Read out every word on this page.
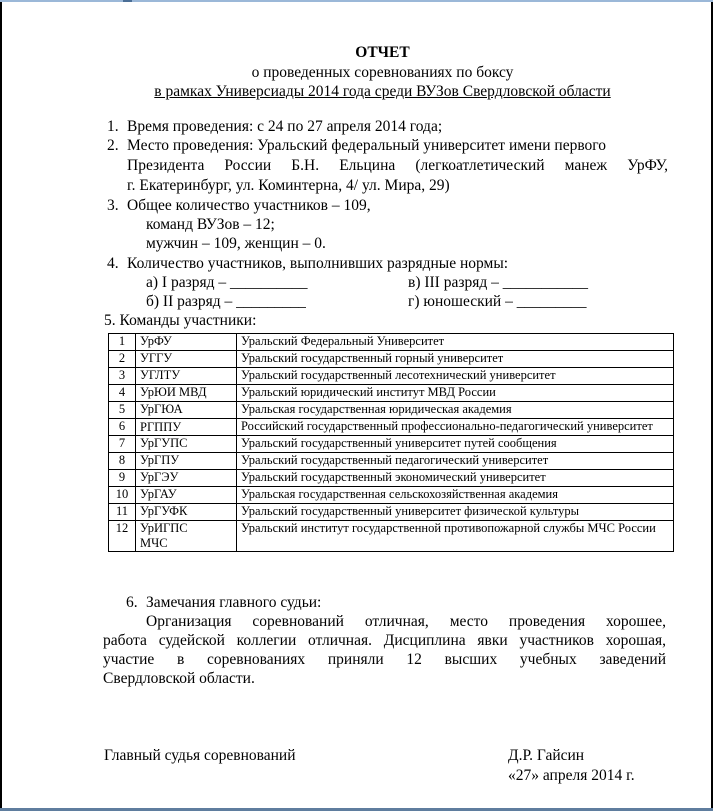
ОТЧЕТ
о проведенных соревнованиях по боксу
в рамках Универсиады 2014 года среди ВУЗов Свердловской области
1. Время проведения: с 24 по 27 апреля 2014 года;
2. Место проведения: Уральский федеральный университет имени первого
Президента России Б.Н. Ельцина (легкоатлетический манеж УрФУ,
г. Екатеринбург, ул. Коминтерна, 4/ ул. Мира, 29)
3. Общее количество участников – 109,
команд ВУЗов – 12;
мужчин – 109, женщин – 0.
4. Количество участников, выполнивших разрядные нормы:
а) I разряд – __________	в) III разряд – ___________
б) II разряд – _________	г) юношеский – _________
5. Команды участники:
1	УрФУ	Уральский Федеральный Университет
2	УГГУ	Уральский государственный горный университет
3	УГЛТУ	Уральский государственный лесотехнический университет
4	УрЮИ МВД	Уральский юридический институт МВД России
5	УрГЮА	Уральская государственная юридическая академия
6	РГППУ	Российский государственный профессионально-педагогический университет
7	УрГУПС	Уральский государственный университет путей сообщения
8	УрГПУ	Уральский государственный педагогический университет
9	УрГЭУ	Уральский государственный экономический университет
10	УрГАУ	Уральская государственная сельскохозяйственная академия
11	УрГУФК	Уральский государственный университет физической культуры
12	УрИГПС МЧС	Уральский институт государственной противопожарной службы МЧС России
6. Замечания главного судьи:
Организация соревнований отличная, место проведения хорошее,
работа судейской коллегии отличная. Дисциплина явки участников хорошая,
участие в соревнованиях приняли 12 высших учебных заведений
Свердловской области.
Главный судья соревнований	Д.Р. Гайсин
«27» апреля 2014 г.
